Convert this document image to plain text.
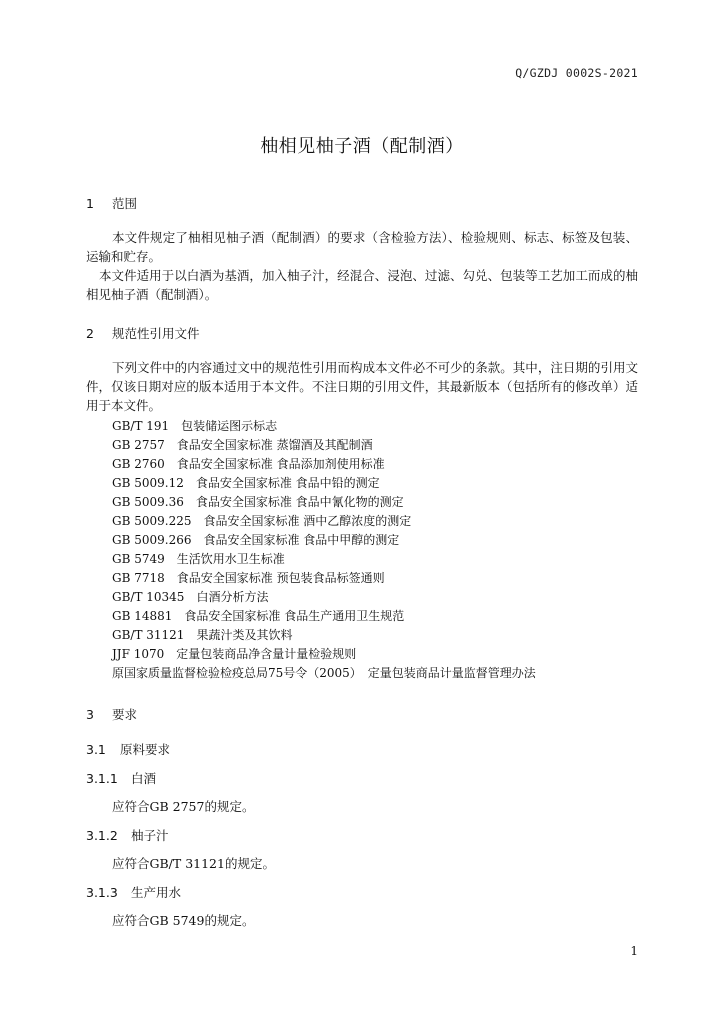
Q/GZDJ 0002S-2021
柚相见柚子酒（配制酒）
1 范围
本文件规定了柚相见柚子酒（配制酒）的要求（含检验方法）、检验规则、标志、标签及包装、运输和贮存。
本文件适用于以白酒为基酒，加入柚子汁，经混合、浸泡、过滤、勾兑、包装等工艺加工而成的柚相见柚子酒（配制酒）。
2 规范性引用文件
下列文件中的内容通过文中的规范性引用而构成本文件必不可少的条款。其中，注日期的引用文件，仅该日期对应的版本适用于本文件。不注日期的引用文件，其最新版本（包括所有的修改单）适用于本文件。
GB/T 191　包装储运图示标志
GB 2757　食品安全国家标准 蒸馏酒及其配制酒
GB 2760　食品安全国家标准 食品添加剂使用标准
GB 5009.12　食品安全国家标准 食品中铅的测定
GB 5009.36　食品安全国家标准 食品中氰化物的测定
GB 5009.225　食品安全国家标准 酒中乙醇浓度的测定
GB 5009.266　食品安全国家标准 食品中甲醇的测定
GB 5749　生活饮用水卫生标准
GB 7718　食品安全国家标准 预包装食品标签通则
GB/T 10345　白酒分析方法
GB 14881　食品安全国家标准 食品生产通用卫生规范
GB/T 31121　果蔬汁类及其饮料
JJF 1070　定量包装商品净含量计量检验规则
原国家质量监督检验检疫总局75号令（2005）　定量包装商品计量监督管理办法
3 要求
3.1 原料要求
3.1.1 白酒
应符合GB 2757的规定。
3.1.2 柚子汁
应符合GB/T 31121的规定。
3.1.3 生产用水
应符合GB 5749的规定。
1
